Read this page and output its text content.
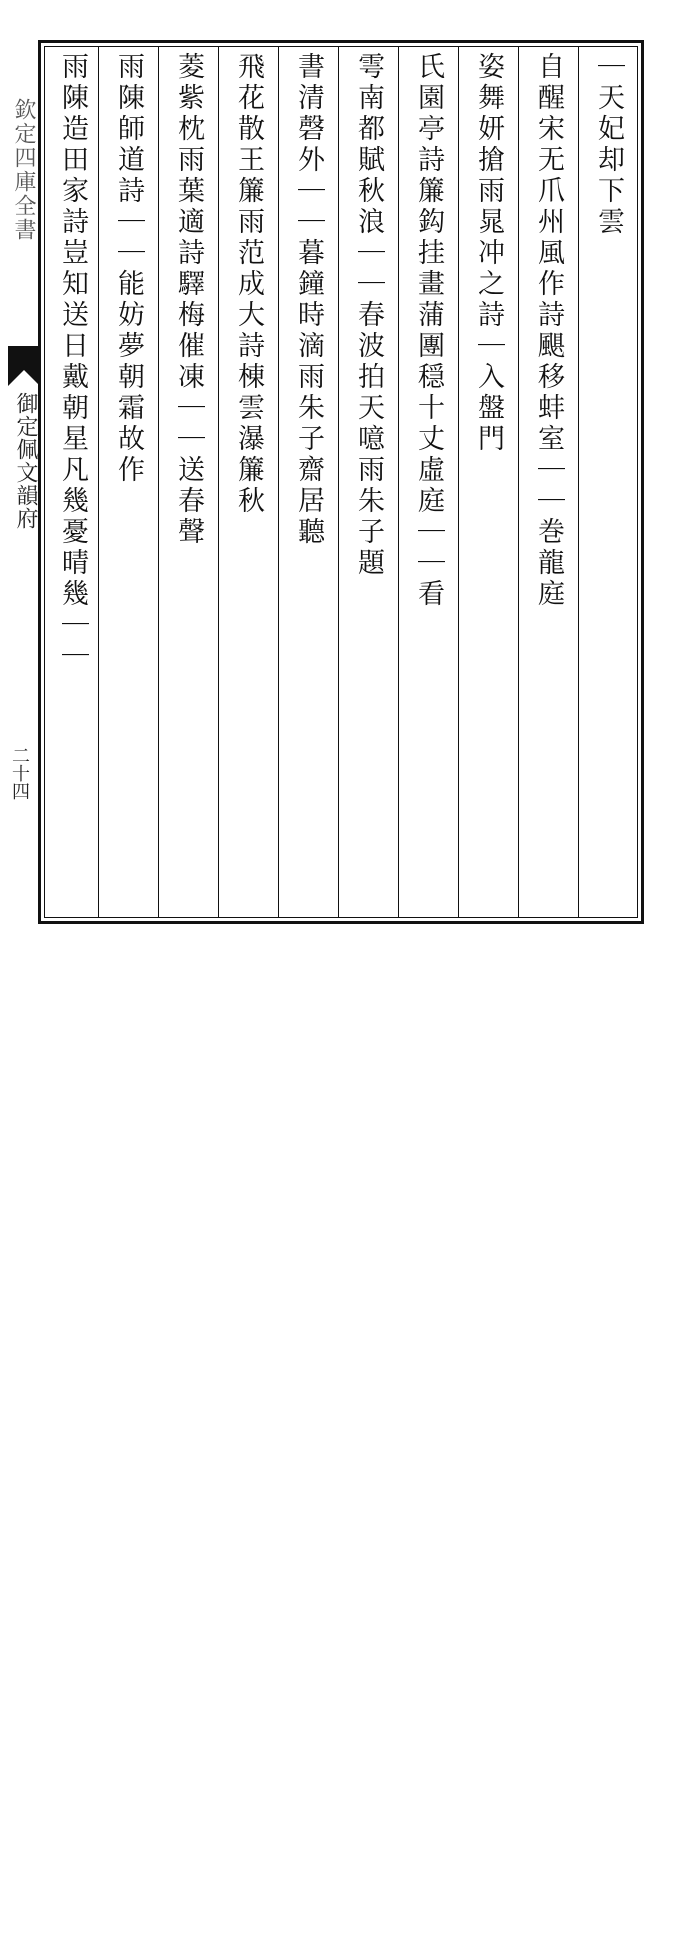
欽定四庫全書
御定佩文韻府
二十四
｜天妃却下雲
自醒宋无爪州風作詩颶移蚌室｜｜巻龍庭
姿舞妍搶雨晁冲之詩｜入盤門
氏園亭詩簾鈎挂畫蒲團穏十丈虛庭｜｜看
雩南都賦秋浪｜｜春波拍天噫雨朱子題
書清磬外｜｜暮鐘時滴雨朱子齋居聽
飛花散王簾雨范成大詩棟雲瀑簾秋
菱紫枕雨葉適詩驛梅催凍｜｜送春聲
雨陳師道詩｜｜能妨夢朝霜故作
雨陳造田家詩豈知送日戴朝星凡幾憂晴幾｜｜
